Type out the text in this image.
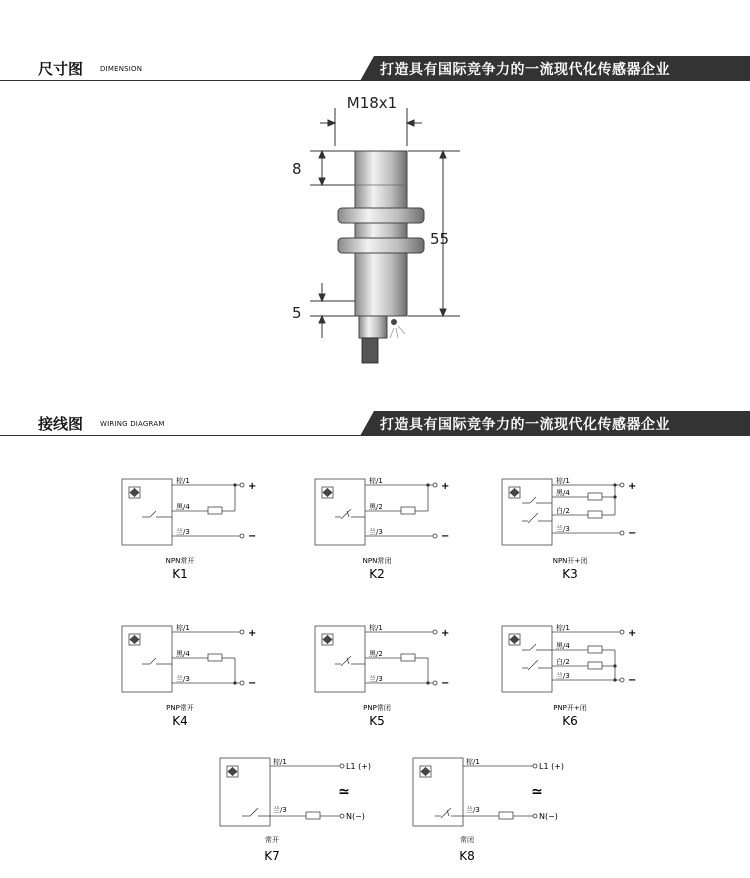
尺寸图 DIMENSION	打造具有国际竞争力的一流现代化传感器企业
M18x1
8
55
5
接线图 WIRING DIAGRAM	打造具有国际竞争力的一流现代化传感器企业
棕/1
黑/4
兰/3
+
−
NPN常开
K1
棕/1
黑/2
兰/3
+
−
NPN常闭
K2
棕/1
黑/4
白/2
兰/3
+
−
NPN开+闭
K3
棕/1
黑/4
兰/3
+
−
PNP常开
K4
棕/1
黑/2
兰/3
+
−
PNP常闭
K5
棕/1
黑/4
白/2
兰/3
+
−
PNP开+闭
K6
棕/1
兰/3
L1 (+)
N(−)
≃
常开
K7
棕/1
兰/3
L1 (+)
N(−)
≃
常闭
K8
